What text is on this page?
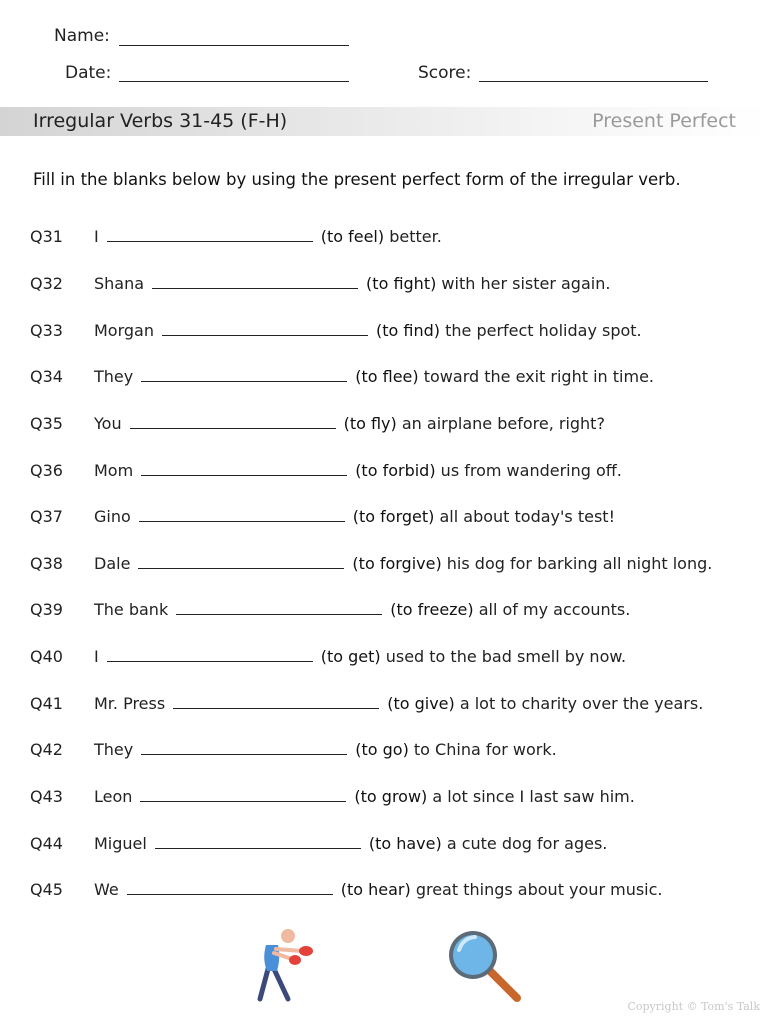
Name:
Date:	Score:
Irregular Verbs 31-45 (F-H)	Present Perfect
Fill in the blanks below by using the present perfect form of the irregular verb.
Q31 I	(to feel) better.
Q32 Shana	(to fight) with her sister again.
Q33 Morgan	(to find) the perfect holiday spot.
Q34 They	(to flee) toward the exit right in time.
Q35 You	(to fly) an airplane before, right?
Q36 Mom	(to forbid) us from wandering off.
Q37 Gino	(to forget) all about today's test!
Q38 Dale	(to forgive) his dog for barking all night long.
Q39 The bank	(to freeze) all of my accounts.
Q40 I	(to get) used to the bad smell by now.
Q41 Mr. Press	(to give) a lot to charity over the years.
Q42 They	(to go) to China for work.
Q43 Leon	(to grow) a lot since I last saw him.
Q44 Miguel	(to have) a cute dog for ages.
Q45 We	(to hear) great things about your music.
Copyright © Tom's Talk
